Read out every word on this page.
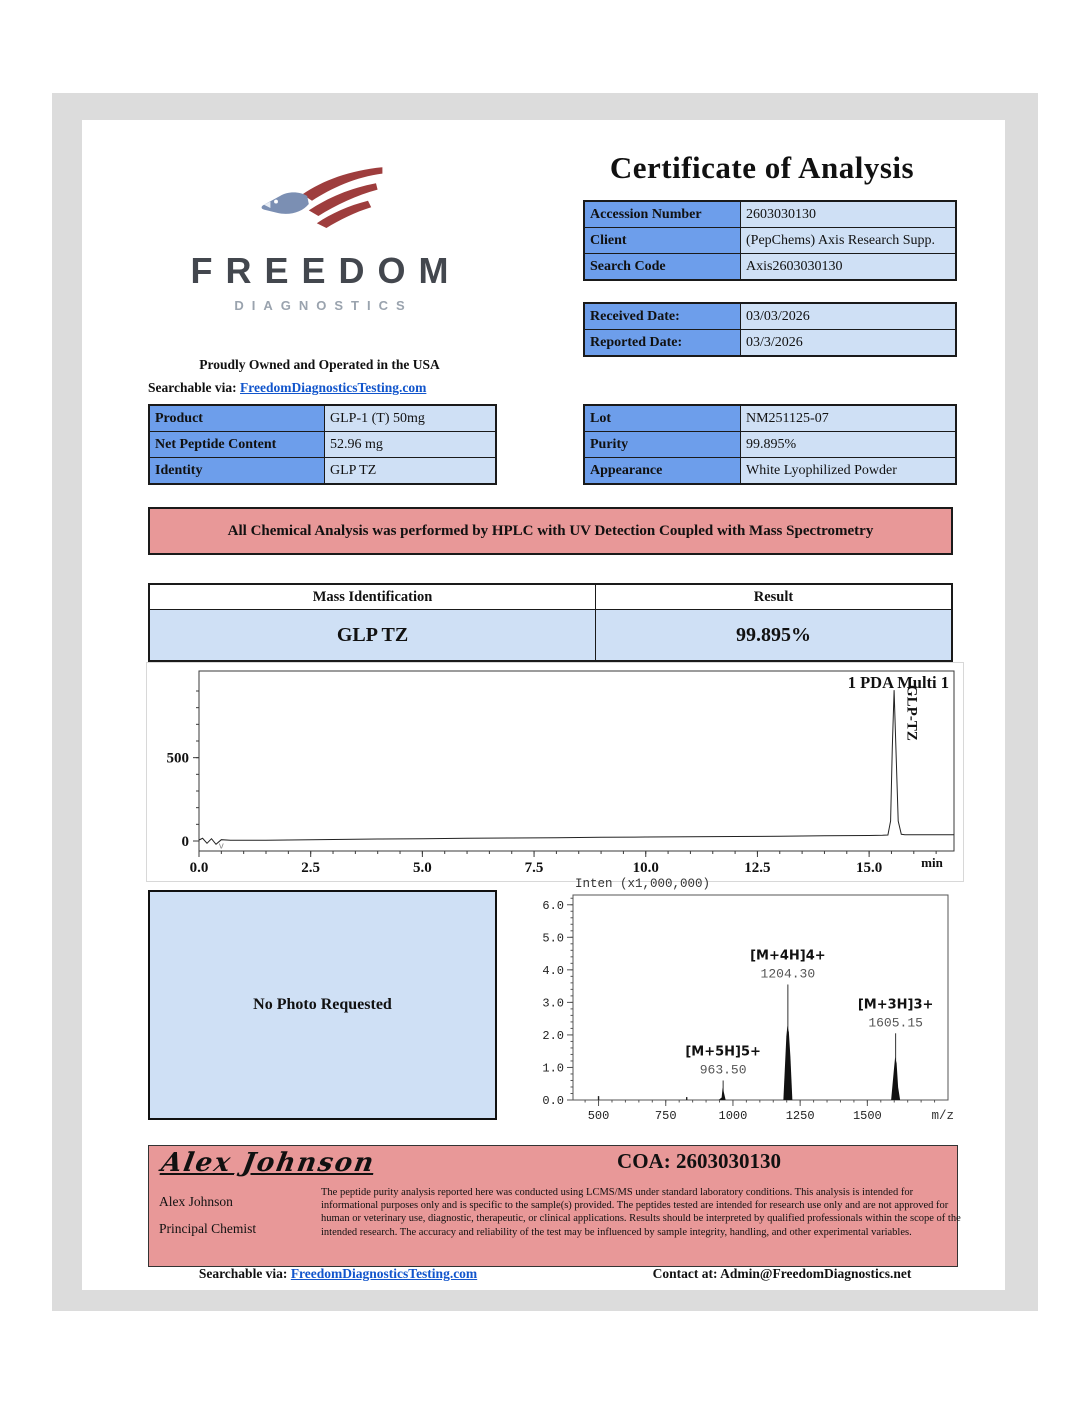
FREEDOM
DIAGNOSTICS
Proudly Owned and Operated in the USA
Searchable via: FreedomDiagnosticsTesting.com
Certificate of Analysis
Accession Number	2603030130
Client	(PepChems) Axis Research Supp.
Search Code	Axis2603030130
Received Date:	03/03/2026
Reported Date:	03/3/2026
Product	GLP-1 (T) 50mg
Net Peptide Content	52.96 mg
Identity	GLP TZ
Lot	NM251125-07
Purity	99.895%
Appearance	White Lyophilized Powder
All Chemical Analysis was performed by HPLC with UV Detection Coupled with Mass Spectrometry
Mass Identification	Result
GLP TZ	99.895%
0
500
0.0	2.5	5.0	7.5	10.0	12.5	15.0	min
1 PDA Multi 1
GLP-TZ
v
No Photo Requested
0.0
1.0
2.0
3.0
4.0
5.0
6.0
500	750	1000	1250	1500	m/z
Inten (x1,000,000)
[M+5H]5+
963.50
[M+4H]4+
1204.30
[M+3H]3+
1605.15
Alex Johnson
Alex Johnson
Principal Chemist
COA: 2603030130
The peptide purity analysis reported here was conducted using LCMS/MS under standard laboratory conditions. This analysis is intended for informational purposes only and is specific to the sample(s) provided. The peptides tested are intended for research use only and are not approved for human or veterinary use, diagnostic, therapeutic, or clinical applications. Results should be interpreted by qualified professionals within the scope of the intended research. The accuracy and reliability of the test may be influenced by sample integrity, handling, and other experimental variables.
Searchable via: FreedomDiagnosticsTesting.com	Contact at: Admin@FreedomDiagnostics.net
